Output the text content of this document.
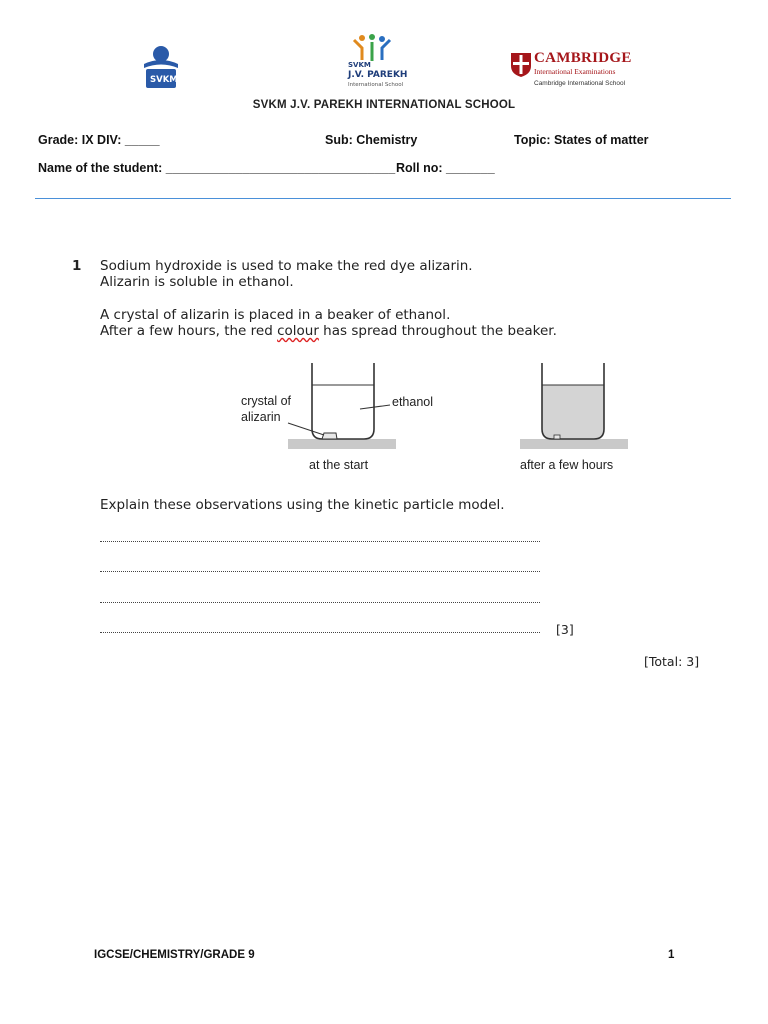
SVKM
SVKM
J.V. PAREKH
International School
CAMBRIDGE
International Examinations
Cambridge International School
SVKM J.V. PAREKH INTERNATIONAL SCHOOL
Grade: IX DIV: _____	Sub: Chemistry	Topic: States of matter
Name of the student: _________________________________ Roll no: _______
1 Sodium hydroxide is used to make the red dye alizarin.
Alizarin is soluble in ethanol.
A crystal of alizarin is placed in a beaker of ethanol.
After a few hours, the red colour has spread throughout the beaker.
crystal of
alizarin
ethanol
at the start	after a few hours
Explain these observations using the kinetic particle model.
[3]
[Total: 3]
IGCSE/CHEMISTRY/GRADE 9	1
